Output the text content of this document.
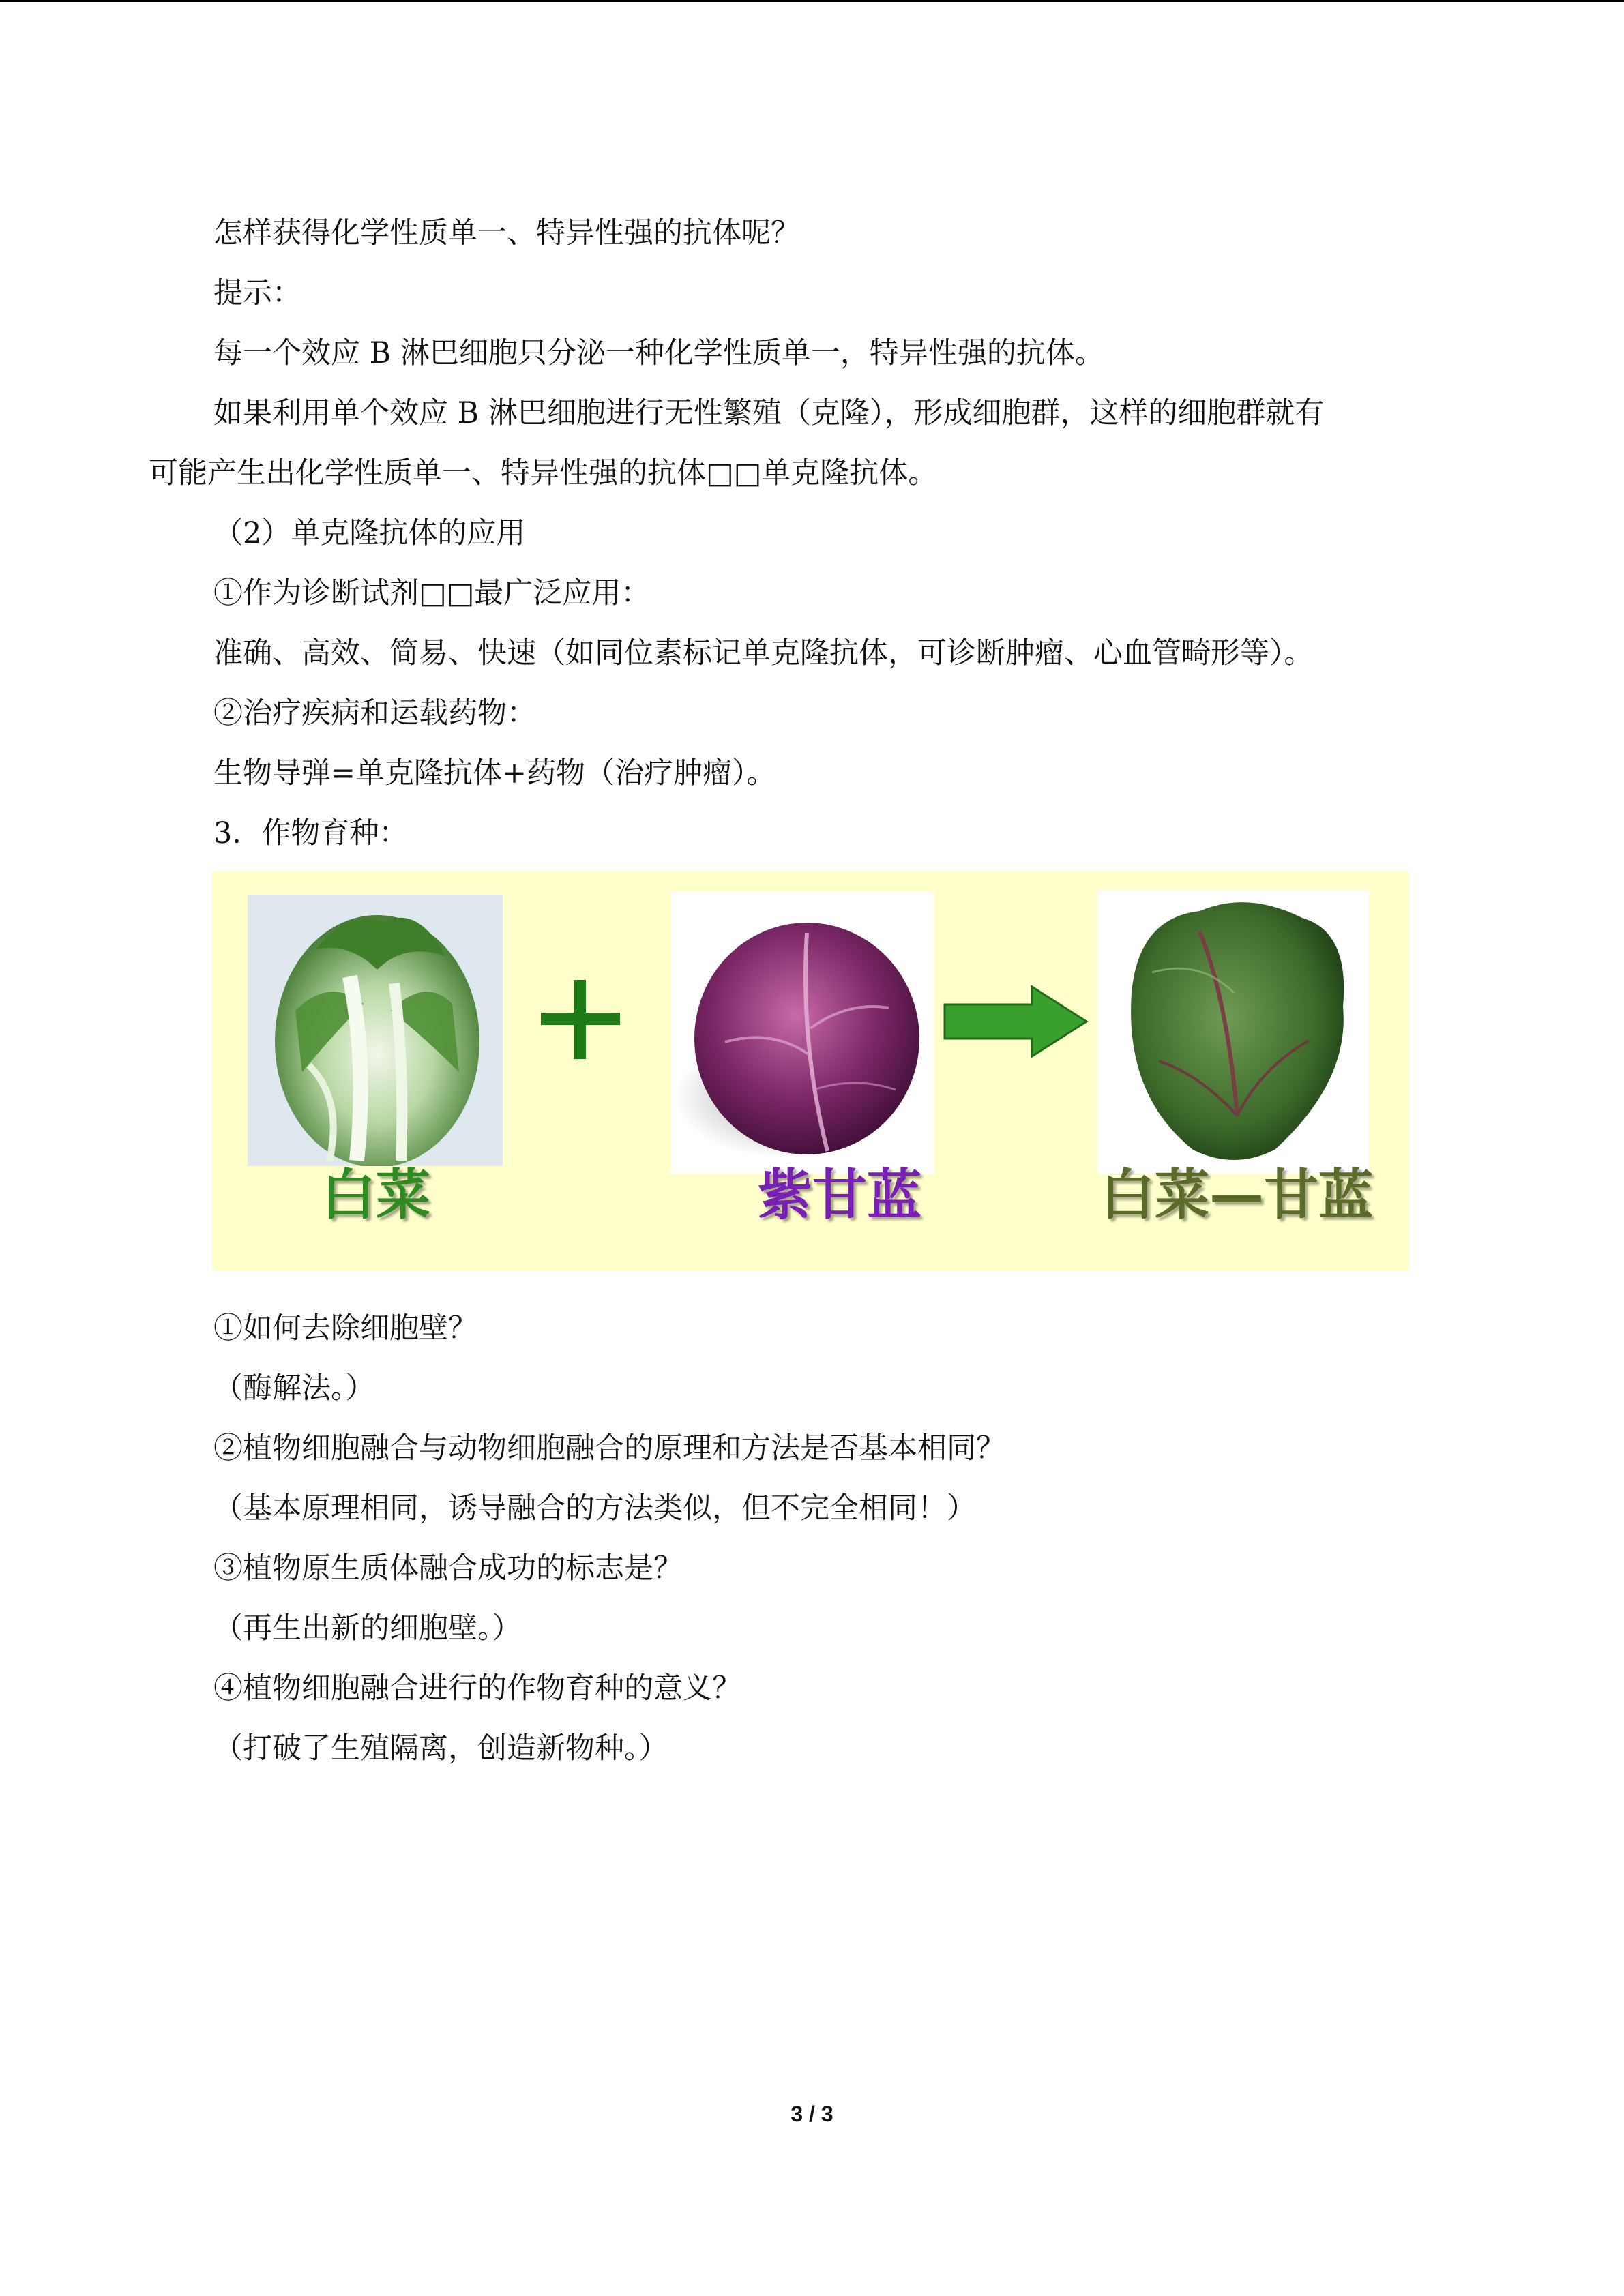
怎样获得化学性质单一、特异性强的抗体呢？
提示：
每一个效应 B 淋巴细胞只分泌一种化学性质单一，特异性强的抗体。
如果利用单个效应 B 淋巴细胞进行无性繁殖（克隆），形成细胞群，这样的细胞群就有
可能产生出化学性质单一、特异性强的抗体□□单克隆抗体。
（2）单克隆抗体的应用
①作为诊断试剂□□最广泛应用：
准确、高效、简易、快速（如同位素标记单克隆抗体，可诊断肿瘤、心血管畸形等）。
②治疗疾病和运载药物：
生物导弹=单克隆抗体+药物（治疗肿瘤）。
3．作物育种：
白菜	紫甘蓝	白菜—甘蓝
①如何去除细胞壁？
（酶解法。）
②植物细胞融合与动物细胞融合的原理和方法是否基本相同？
（基本原理相同，诱导融合的方法类似，但不完全相同！）
③植物原生质体融合成功的标志是？
（再生出新的细胞壁。）
④植物细胞融合进行的作物育种的意义？
（打破了生殖隔离，创造新物种。）
3 / 3
